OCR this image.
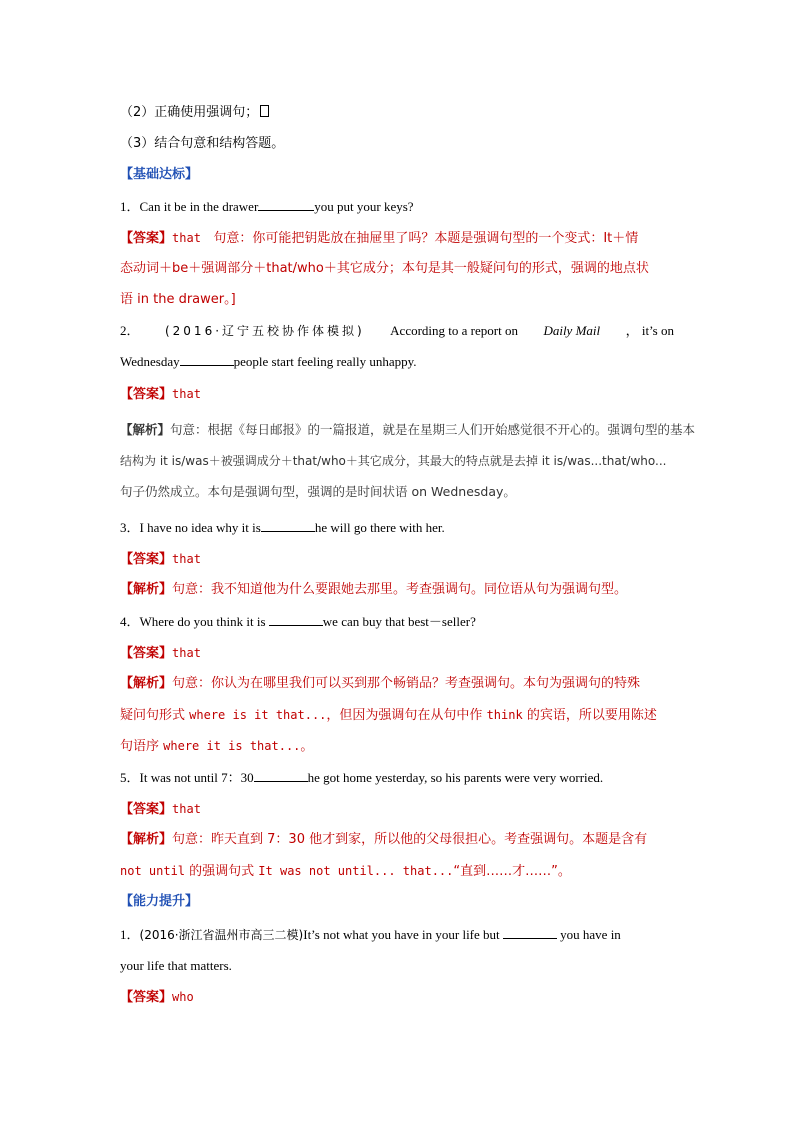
（2）正确使用强调句；
（3）结合句意和结构答题。
【基础达标】
1．Can it be in the drawer	you put your keys?
【答案】that 句意：你可能把钥匙放在抽屉里了吗？本题是强调句型的一个变式：It＋情
态动词＋be＋强调部分＋that/who＋其它成分；本句是其一般疑问句的形式，强调的地点状
语 in the drawer。]
2． (2016·辽宁五校协作体模拟) According to a report on Daily Mail ， it’s on
Wednesday	people start feeling really unhappy.
【答案】that
【解析】句意：根据《每日邮报》的一篇报道，就是在星期三人们开始感觉很不开心的。强调句型的基本
结构为 it is/was＋被强调成分＋that/who＋其它成分，其最大的特点就是去掉 it is/was...that/who...
句子仍然成立。本句是强调句型，强调的是时间状语 on Wednesday。
3．I have no idea why it is	he will go there with her.
【答案】that
【解析】句意：我不知道他为什么要跟她去那里。考查强调句。同位语从句为强调句型。
4．Where do you think it is	we can buy that best－seller?
【答案】that
【解析】句意：你认为在哪里我们可以买到那个畅销品？考查强调句。本句为强调句的特殊
疑问句形式 where is it that...，但因为强调句在从句中作 think 的宾语，所以要用陈述
句语序 where it is that...。
5．It was not until 7：30	he got home yesterday, so his parents were very worried.
【答案】that
【解析】句意：昨天直到 7：30 他才到家，所以他的父母很担心。考查强调句。本题是含有
not until 的强调句式 It was not until... that...“直到……才……”。
【能力提升】
1．(2016·浙江省温州市高三二模)It’s not what you have in your life but	you have in
your life that matters.
【答案】who
